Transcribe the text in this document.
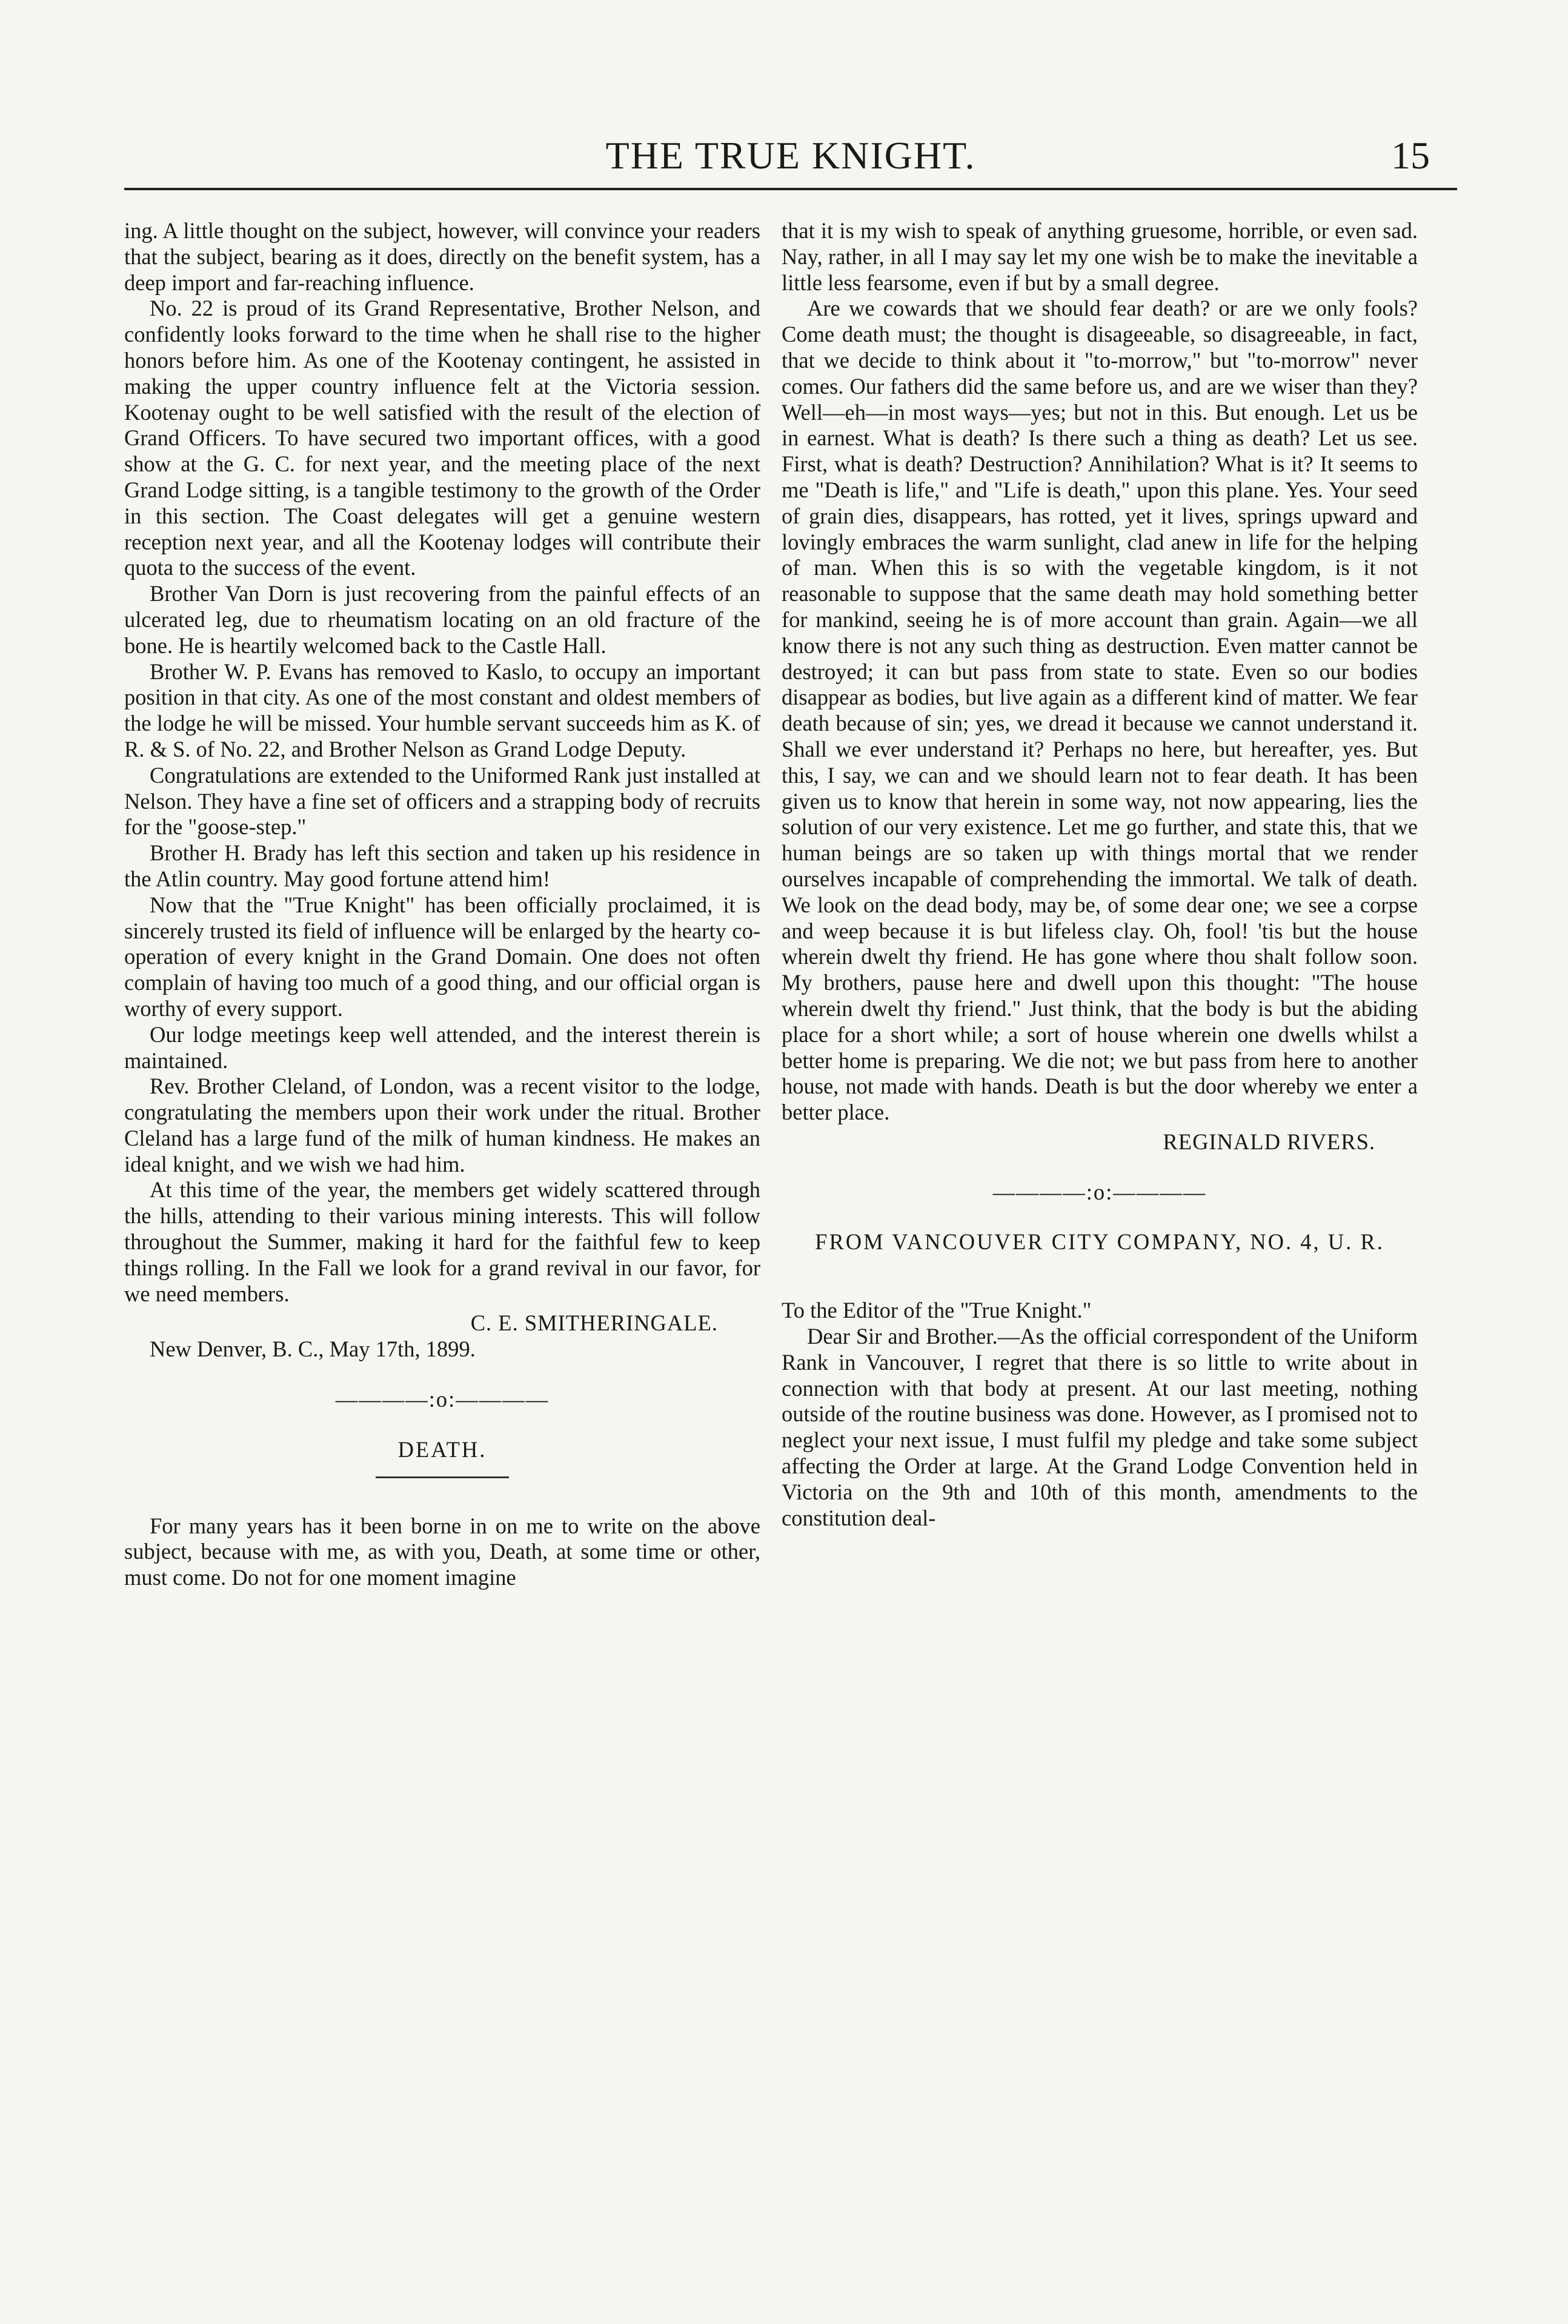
THE TRUE KNIGHT.	15

ing. A little thought on the subject, however, will convince your readers that the subject, bearing as it does, directly on the benefit system, has a deep import and far-reaching influence.

No. 22 is proud of its Grand Representative, Brother Nelson, and confidently looks forward to the time when he shall rise to the higher honors before him. As one of the Kootenay contingent, he assisted in making the upper country influence felt at the Victoria session. Kootenay ought to be well satisfied with the result of the election of Grand Officers. To have secured two important offices, with a good show at the G. C. for next year, and the meeting place of the next Grand Lodge sitting, is a tangible testimony to the growth of the Order in this section. The Coast delegates will get a genuine western reception next year, and all the Kootenay lodges will contribute their quota to the success of the event.

Brother Van Dorn is just recovering from the painful effects of an ulcerated leg, due to rheumatism locating on an old fracture of the bone. He is heartily welcomed back to the Castle Hall.

Brother W. P. Evans has removed to Kaslo, to occupy an important position in that city. As one of the most constant and oldest members of the lodge he will be missed. Your humble servant succeeds him as K. of R. & S. of No. 22, and Brother Nelson as Grand Lodge Deputy.

Congratulations are extended to the Uniformed Rank just installed at Nelson. They have a fine set of officers and a strapping body of recruits for the "goose-step."

Brother H. Brady has left this section and taken up his residence in the Atlin country. May good fortune attend him!

Now that the "True Knight" has been officially proclaimed, it is sincerely trusted its field of influence will be enlarged by the hearty co-operation of every knight in the Grand Domain. One does not often complain of having too much of a good thing, and our official organ is worthy of every support.

Our lodge meetings keep well attended, and the interest therein is maintained.

Rev. Brother Cleland, of London, was a recent visitor to the lodge, congratulating the members upon their work under the ritual. Brother Cleland has a large fund of the milk of human kindness. He makes an ideal knight, and we wish we had him.

At this time of the year, the members get widely scattered through the hills, attending to their various mining interests. This will follow throughout the Summer, making it hard for the faithful few to keep things rolling. In the Fall we look for a grand revival in our favor, for we need members.

C. E. SMITHERINGALE.
New Denver, B. C., May 17th, 1899.
————:o:————
DEATH.

For many years has it been borne in on me to write on the above subject, because with me, as with you, Death, at some time or other, must come. Do not for one moment imagine

that it is my wish to speak of anything gruesome, horrible, or even sad. Nay, rather, in all I may say let my one wish be to make the inevitable a little less fearsome, even if but by a small degree.

Are we cowards that we should fear death? or are we only fools? Come death must; the thought is disageeable, so disagreeable, in fact, that we decide to think about it "to-morrow," but "to-morrow" never comes. Our fathers did the same before us, and are we wiser than they? Well—eh—in most ways—yes; but not in this. But enough. Let us be in earnest. What is death? Is there such a thing as death? Let us see. First, what is death? Destruction? Annihilation? What is it? It seems to me "Death is life," and "Life is death," upon this plane. Yes. Your seed of grain dies, disappears, has rotted, yet it lives, springs upward and lovingly embraces the warm sunlight, clad anew in life for the helping of man. When this is so with the vegetable kingdom, is it not reasonable to suppose that the same death may hold something better for mankind, seeing he is of more account than grain. Again—we all know there is not any such thing as destruction. Even matter cannot be destroyed; it can but pass from state to state. Even so our bodies disappear as bodies, but live again as a different kind of matter. We fear death because of sin; yes, we dread it because we cannot understand it. Shall we ever understand it? Perhaps no here, but hereafter, yes. But this, I say, we can and we should learn not to fear death. It has been given us to know that herein in some way, not now appearing, lies the solution of our very existence. Let me go further, and state this, that we human beings are so taken up with things mortal that we render ourselves incapable of comprehending the immortal. We talk of death. We look on the dead body, may be, of some dear one; we see a corpse and weep because it is but lifeless clay. Oh, fool! 'tis but the house wherein dwelt thy friend. He has gone where thou shalt follow soon. My brothers, pause here and dwell upon this thought: "The house wherein dwelt thy friend." Just think, that the body is but the abiding place for a short while; a sort of house wherein one dwells whilst a better home is preparing. We die not; we but pass from here to another house, not made with hands. Death is but the door whereby we enter a better place.

REGINALD RIVERS.
————:o:————
FROM VANCOUVER CITY COMPANY, NO. 4, U. R.

To the Editor of the "True Knight."

Dear Sir and Brother.—As the official correspondent of the Uniform Rank in Vancouver, I regret that there is so little to write about in connection with that body at present. At our last meeting, nothing outside of the routine business was done. However, as I promised not to neglect your next issue, I must fulfil my pledge and take some subject affecting the Order at large. At the Grand Lodge Convention held in Victoria on the 9th and 10th of this month, amendments to the constitution deal-
